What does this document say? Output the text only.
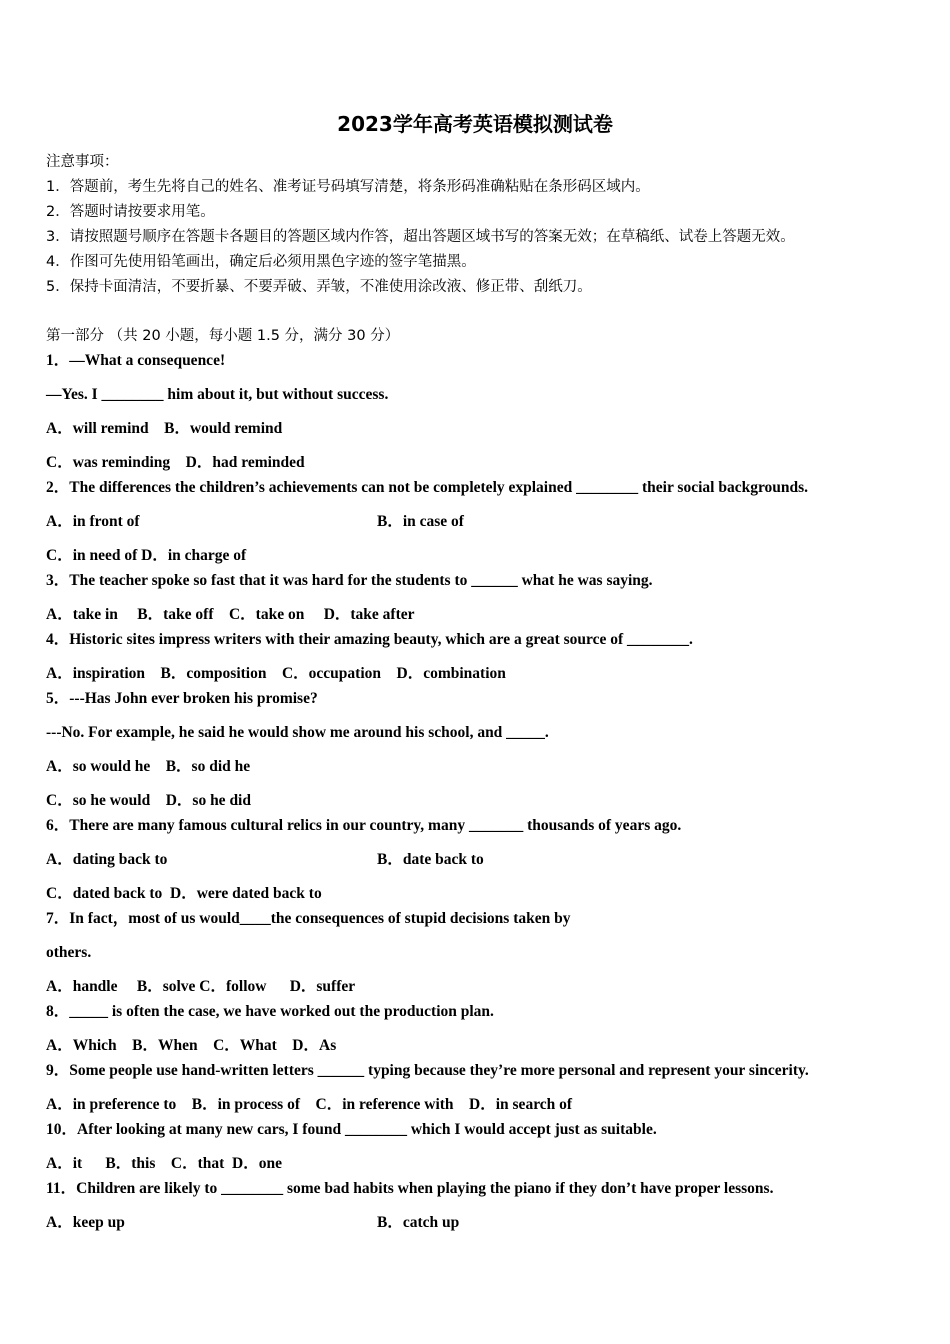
2023学年高考英语模拟测试卷
注意事项：
1．答题前，考生先将自己的姓名、准考证号码填写清楚，将条形码准确粘贴在条形码区域内。
2．答题时请按要求用笔。
3．请按照题号顺序在答题卡各题目的答题区域内作答，超出答题区域书写的答案无效；在草稿纸、试卷上答题无效。
4．作图可先使用铅笔画出，确定后必须用黑色字迹的签字笔描黑。
5．保持卡面清洁，不要折暴、不要弄破、弄皱，不准使用涂改液、修正带、刮纸刀。
第一部分 （共 20 小题，每小题 1.5 分，满分 30 分）
1．—What a consequence!
—Yes. I ________ him about it, but without success.
A．will remind    B．would remind
C．was reminding    D．had reminded
2．The differences the children’s achievements can not be completely explained ________ their social backgrounds.
A．in front of	B．in case of
C．in need of D．in charge of
3．The teacher spoke so fast that it was hard for the students to ______ what he was saying.
A．take in     B．take off    C．take on     D．take after
4．Historic sites impress writers with their amazing beauty, which are a great source of ________.
A．inspiration    B．composition    C．occupation    D．combination
5．---Has John ever broken his promise?
---No. For example, he said he would show me around his school, and _____.
A．so would he    B．so did he
C．so he would    D．so he did
6．There are many famous cultural relics in our country, many _______ thousands of years ago.
A．dating back to	B．date back to
C．dated back to  D．were dated back to
7．In fact，most of us would____the consequences of stupid decisions taken by
others.
A．handle     B．solve C．follow      D．suffer
8．_____ is often the case, we have worked out the production plan.
A．Which    B．When    C．What    D．As
9．Some people use hand-written letters ______ typing because they’re more personal and represent your sincerity.
A．in preference to    B．in process of    C．in reference with    D．in search of
10．After looking at many new cars, I found ________ which I would accept just as suitable.
A．it      B．this    C．that  D．one
11．Children are likely to ________ some bad habits when playing the piano if they don’t have proper lessons.
A．keep up	B．catch up
